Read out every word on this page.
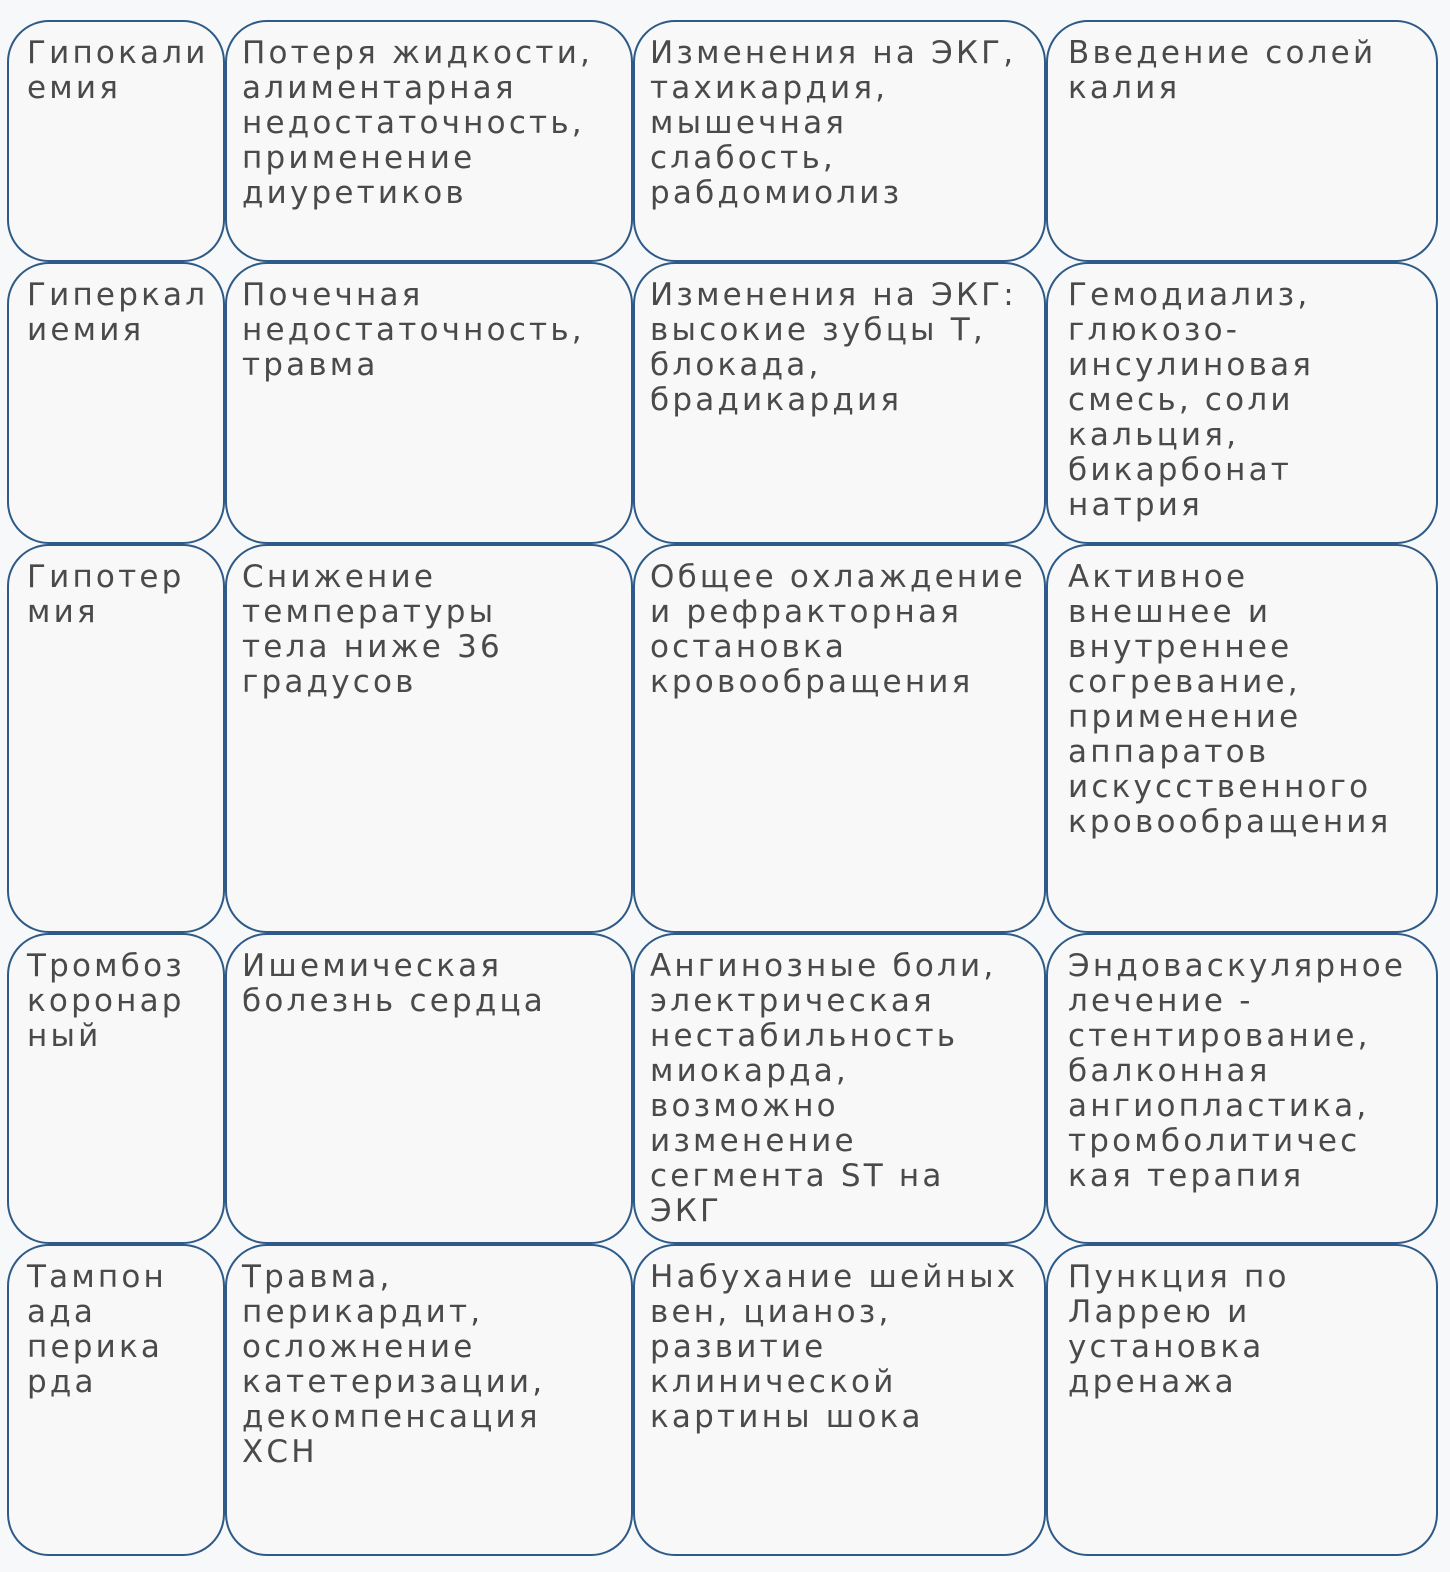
Гипокали
емия
Потеря жидкости,
алиментарная
недостаточность,
применение
диуретиков
Изменения на ЭКГ,
тахикардия,
мышечная
слабость,
рабдомиолиз
Введение солей
калия
Гиперкал
иемия
Почечная
недостаточность,
травма
Изменения на ЭКГ:
высокие зубцы Т,
блокада,
брадикардия
Гемодиализ,
глюкозо-
инсулиновая
смесь, соли
кальция,
бикарбонат
натрия
Гипотер
мия
Снижение
температуры
тела ниже 36
градусов
Общее охлаждение
и рефракторная
остановка
кровообращения
Активное
внешнее и
внутреннее
согревание,
применение
аппаратов
искусственного
кровообращения
Тромбоз
коронар
ный
Ишемическая
болезнь сердца
Ангинозные боли,
электрическая
нестабильность
миокарда,
возможно
изменение
сегмента ST на
ЭКГ
Эндоваскулярное
лечение -
стентирование,
балконная
ангиопластика,
тромболитичес
кая терапия
Тампон
ада
перика
рда
Травма,
перикардит,
осложнение
катетеризации,
декомпенсация
ХСН
Набухание шейных
вен, цианоз,
развитие
клинической
картины шока
Пункция по
Ларрею и
установка
дренажа
